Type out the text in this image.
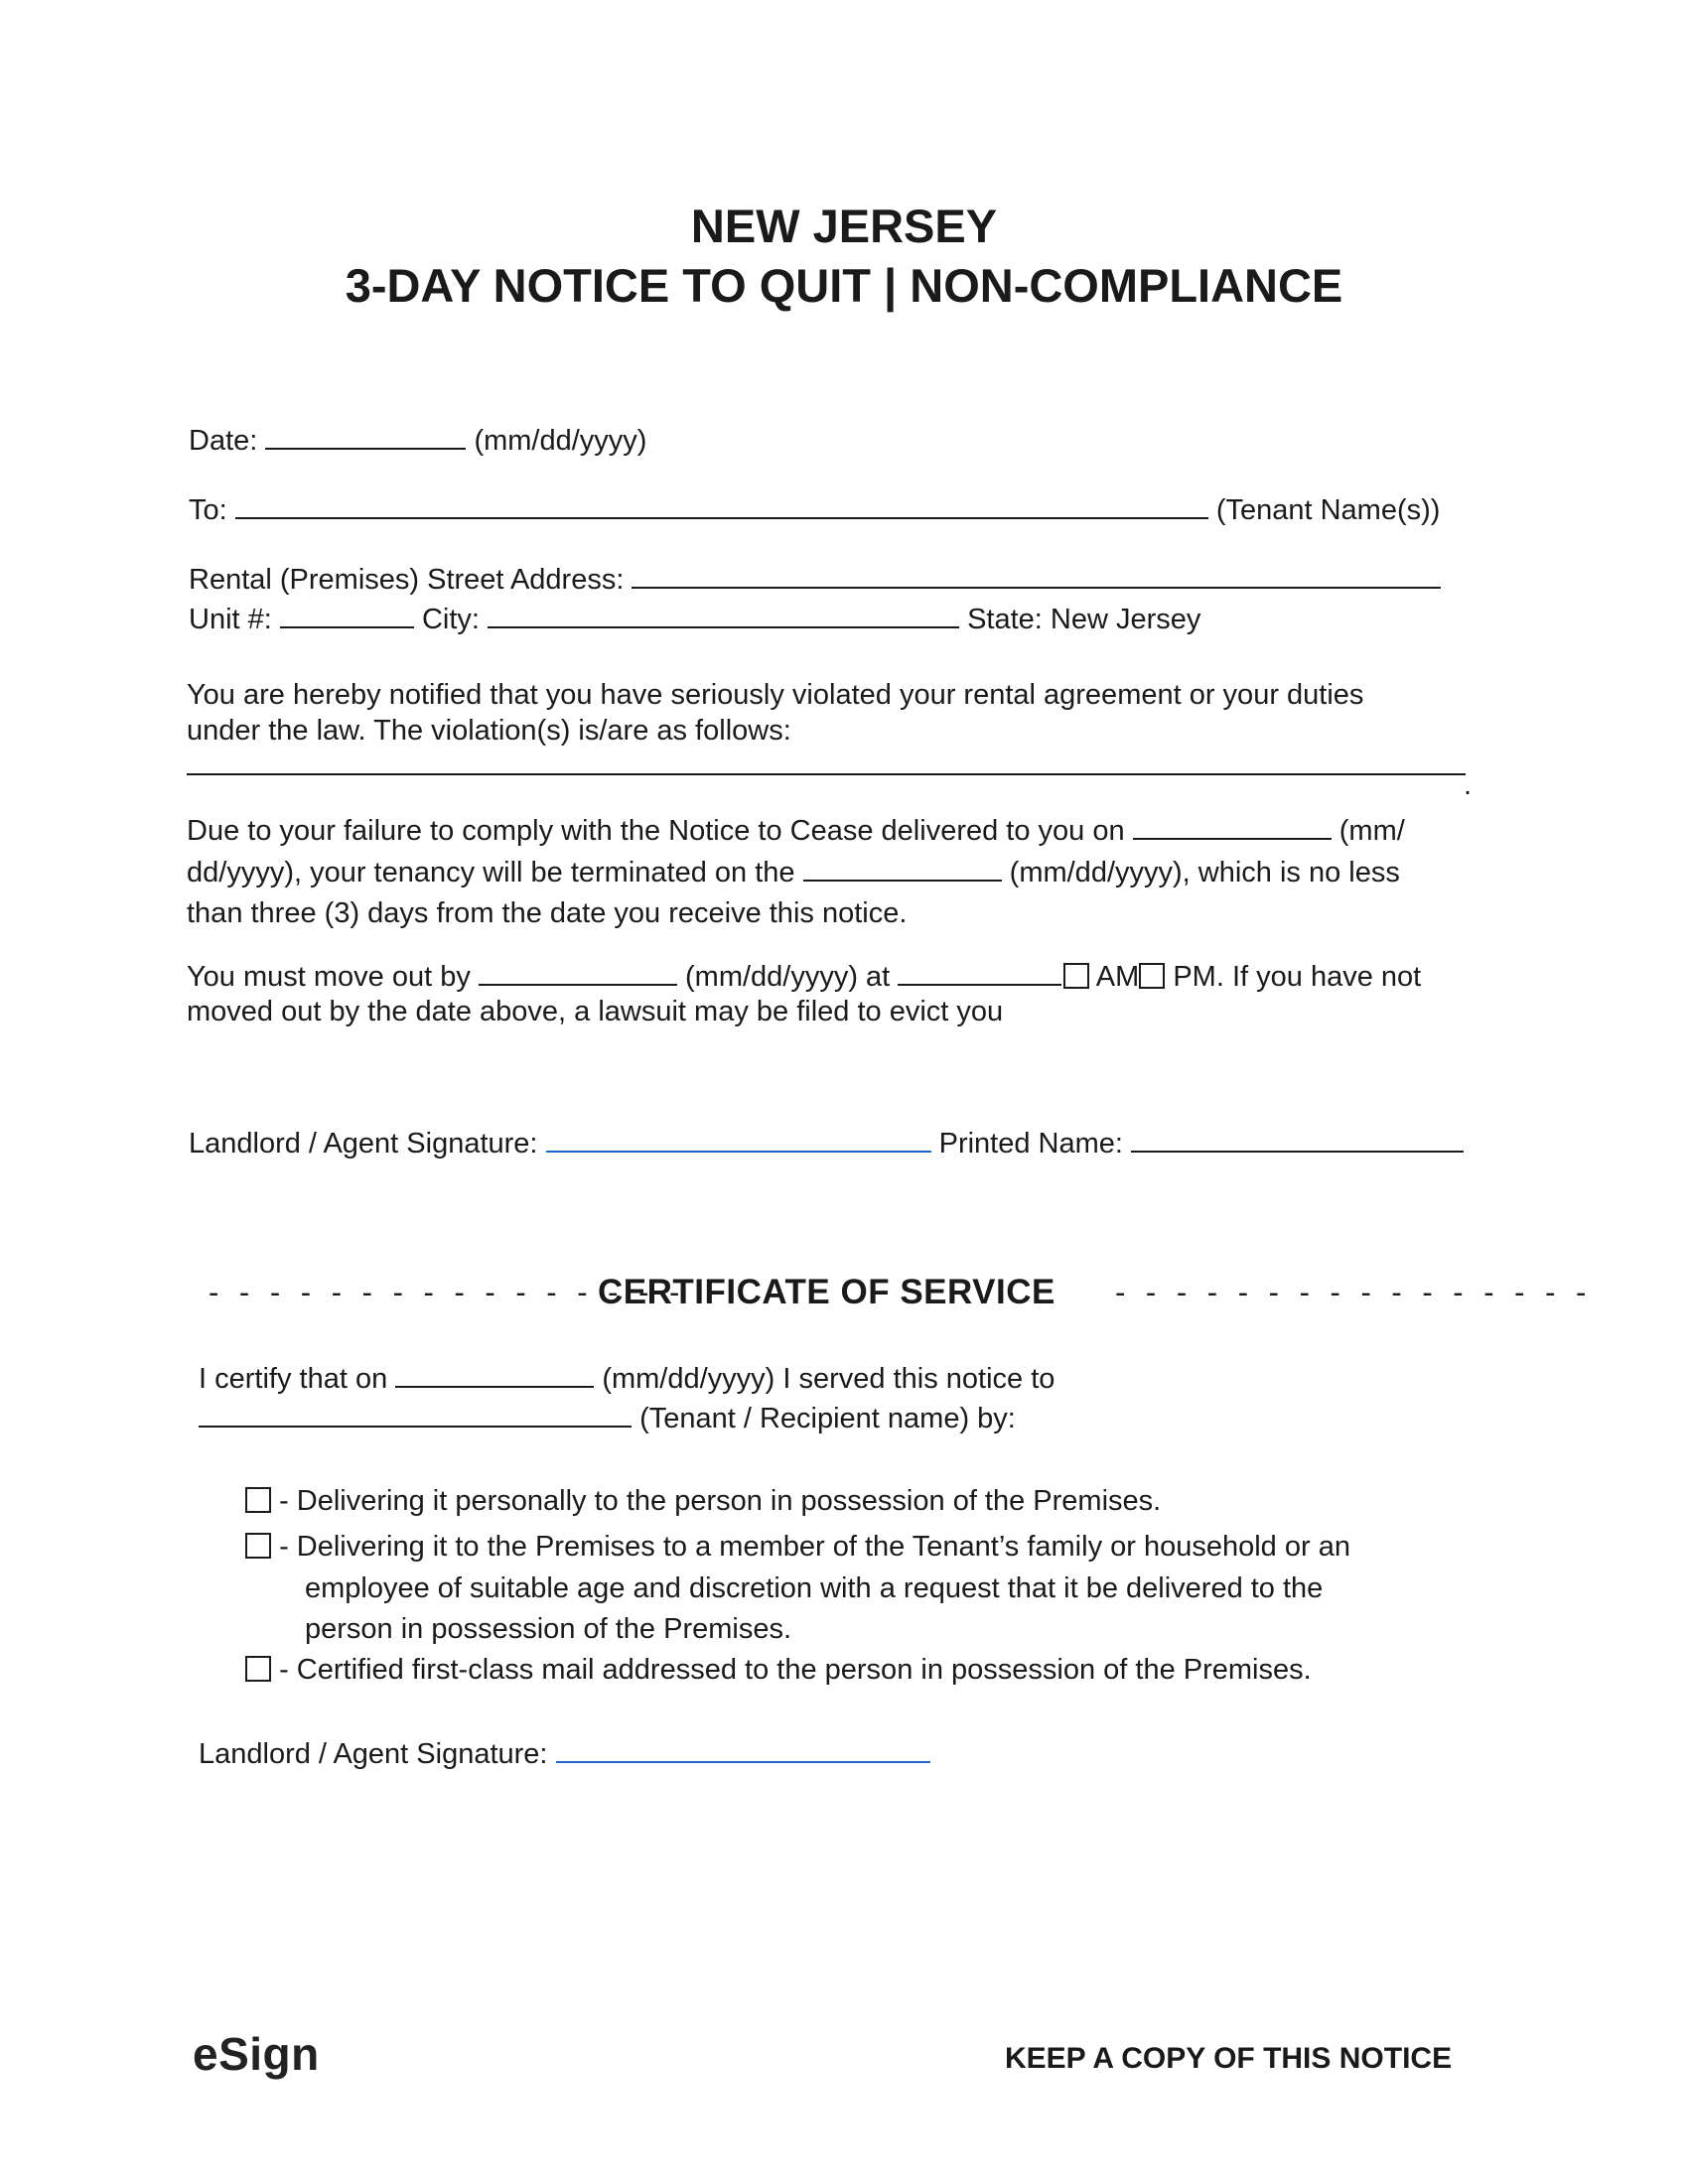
NEW JERSEY
3-DAY NOTICE TO QUIT | NON-COMPLIANCE
Date:	(mm/dd/yyyy)
To:	(Tenant Name(s))
Rental (Premises) Street Address:
Unit #:	City:	State: New Jersey
You are hereby notified that you have seriously violated your rental agreement or your duties
under the law. The violation(s) is/are as follows:
.
Due to your failure to comply with the Notice to Cease delivered to you on	(mm/
dd/yyyy), your tenancy will be terminated on the	(mm/dd/yyyy), which is no less
than three (3) days from the date you receive this notice.
You must move out by	(mm/dd/yyyy) at	AM PM. If you have not
moved out by the date above, a lawsuit may be filed to evict you
Landlord / Agent Signature:	Printed Name:
- - - - - - - - - - - - - - - -
CERTIFICATE OF SERVICE - - - - - - - - - - - - - - - -
I certify that on	(mm/dd/yyyy) I served this notice to
(Tenant / Recipient name) by:
- Delivering it personally to the person in possession of the Premises.
- Delivering it to the Premises to a member of the Tenant’s family or household or an
employee of suitable age and discretion with a request that it be delivered to the
person in possession of the Premises.
- Certified first-class mail addressed to the person in possession of the Premises.
Landlord / Agent Signature:
eSign	KEEP A COPY OF THIS NOTICE
